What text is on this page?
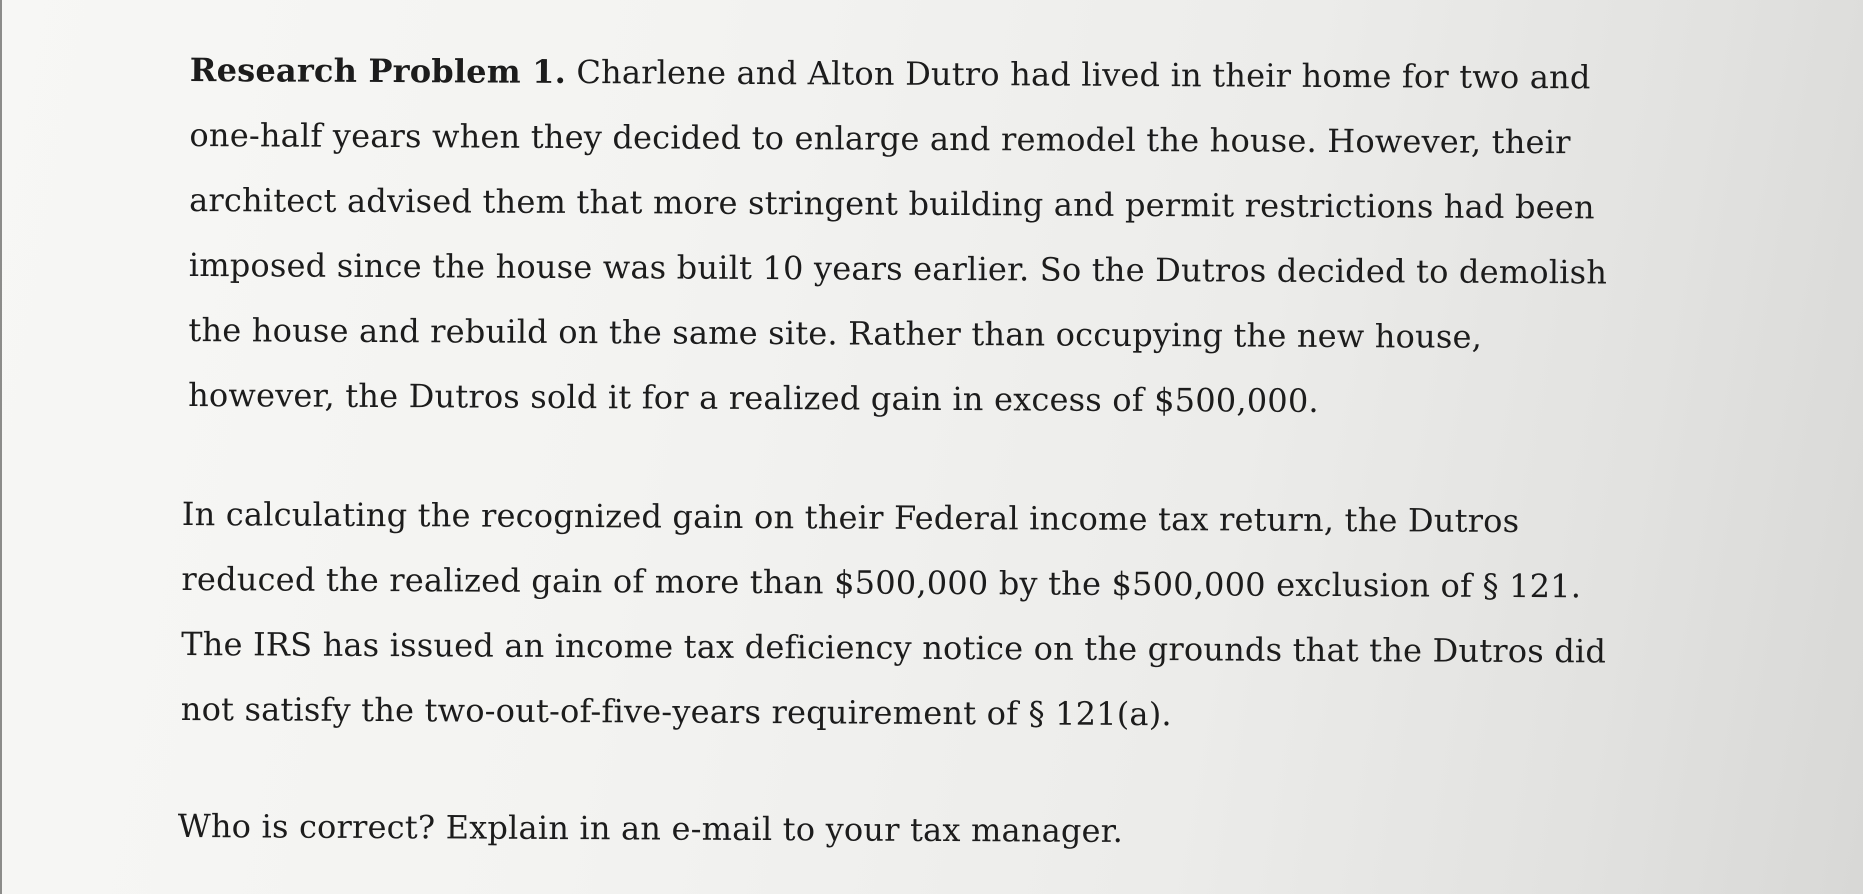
Research Problem 1. Charlene and Alton Dutro had lived in their home for two and one-half years when they decided to enlarge and remodel the house. However, their architect advised them that more stringent building and permit restrictions had been imposed since the house was built 10 years earlier. So the Dutros decided to demolish the house and rebuild on the same site. Rather than occupying the new house, however, the Dutros sold it for a realized gain in excess of $500,000.

In calculating the recognized gain on their Federal income tax return, the Dutros reduced the realized gain of more than $500,000 by the $500,000 exclusion of § 121. The IRS has issued an income tax deficiency notice on the grounds that the Dutros did not satisfy the two-out-of-five-years requirement of § 121(a).

Who is correct? Explain in an e-mail to your tax manager.
